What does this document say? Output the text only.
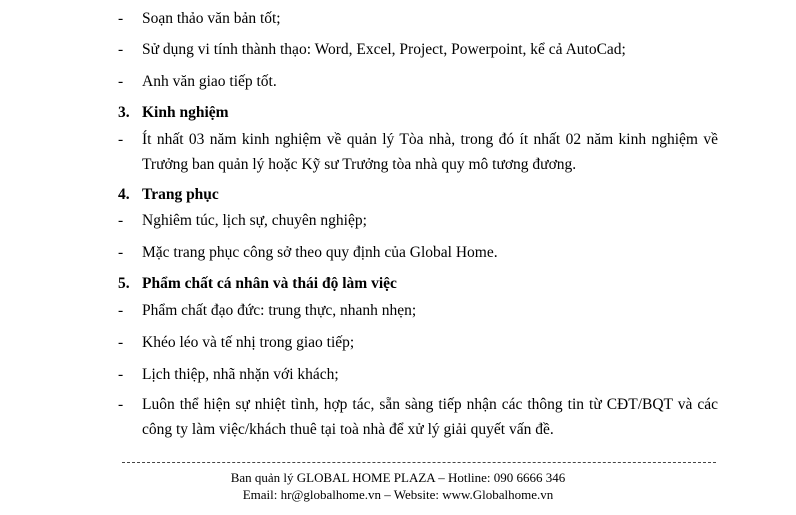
- Soạn thảo văn bản tốt;
- Sử dụng vi tính thành thạo: Word, Excel, Project, Powerpoint, kể cả AutoCad;
- Anh văn giao tiếp tốt.
3. Kinh nghiệm
- Ít nhất 03 năm kinh nghiệm về quản lý Tòa nhà, trong đó ít nhất 02 năm kinh nghiệm về Trưởng ban quản lý hoặc Kỹ sư Trưởng tòa nhà quy mô tương đương.
4. Trang phục
- Nghiêm túc, lịch sự, chuyên nghiệp;
- Mặc trang phục công sở theo quy định của Global Home.
5. Phẩm chất cá nhân và thái độ làm việc
- Phẩm chất đạo đức: trung thực, nhanh nhẹn;
- Khéo léo và tế nhị trong giao tiếp;
- Lịch thiệp, nhã nhặn với khách;
- Luôn thể hiện sự nhiệt tình, hợp tác, sẵn sàng tiếp nhận các thông tin từ CĐT/BQT và các công ty làm việc/khách thuê tại toà nhà để xử lý giải quyết vấn đề.
Ban quản lý GLOBAL HOME PLAZA – Hotline: 090 6666 346
Email: hr@globalhome.vn – Website: www.Globalhome.vn
